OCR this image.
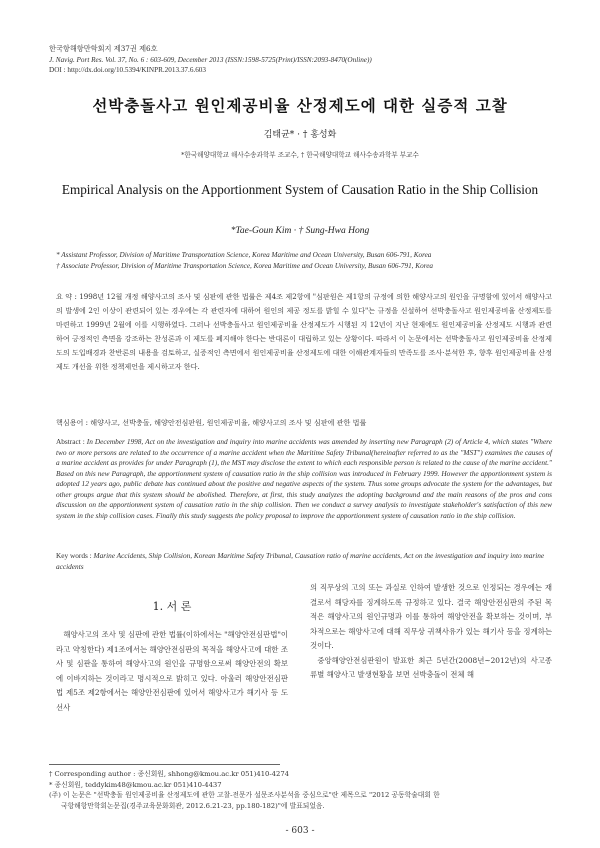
한국항해항만학회지 제37권 제6호
J. Navig. Port Res. Vol. 37, No. 6 : 603-609, December 2013 (ISSN:1598-5725(Print)/ISSN:2093-8470(Online))
DOI : http://dx.doi.org/10.5394/KINPR.2013.37.6.603
선박충돌사고 원인제공비율 산정제도에 대한 실증적 고찰
김태균* · † 홍성화
*한국해양대학교 해사수송과학부 조교수, † 한국해양대학교 해사수송과학부 부교수
Empirical Analysis on the Apportionment System of Causation Ratio in the Ship Collision
*Tae-Goun Kim · † Sung-Hwa Hong
* Assistant Professor, Division of Maritime Transportation Science, Korea Maritime and Ocean University, Busan 606-791, Korea
† Associate Professor, Division of Maritime Transportation Science, Korea Maritime and Ocean University, Busan 606-791, Korea
요 약 : 1998년 12월 개정 해양사고의 조사 및 심판에 관한 법률은 제4조 제2항에 "심판원은 제1항의 규정에 의한 해양사고의 원인을 규명함에 있어서 해양사고의 발생에 2인 이상이 관련되어 있는 경우에는 각 관련자에 대하여 원인의 제공 정도를 밝힐 수 있다"는 규정을 신설하여 선박충돌사고 원인제공비율 산정제도를 마련하고 1999년 2월에 이를 시행하였다. 그러나 선박충돌사고 원인제공비율 산정제도가 시행된 지 12년이 지난 현재에도 원인제공비율 산정제도 시행과 관련하여 긍정적인 측면을 강조하는 찬성론과 이 제도를 폐지해야 한다는 반대론이 대립하고 있는 상황이다. 따라서 이 논문에서는 선박충돌사고 원인제공비율 산정제도의 도입배경과 찬반론의 내용을 검토하고, 실증적인 측면에서 원인제공비율 산정제도에 대한 이해관계자들의 만족도를 조사·분석한 후, 향후 원인제공비율 산정제도 개선을 위한 정책제언을 제시하고자 한다.
핵심용어 : 해양사고, 선박충돌, 해양안전심판원, 원인제공비율, 해양사고의 조사 및 심판에 관한 법률
Abstract : In December 1998, Act on the investigation and inquiry into marine accidents was amended by inserting new Paragraph (2) of Article 4, which states "Where two or more persons are related to the occurrence of a marine accident when the Maritime Safety Tribunal(hereinafter referred to as the "MST") examines the causes of a marine accident as provides for under Paragraph (1), the MST may disclose the extent to which each responsible person is related to the cause of the marine accident." Based on this new Paragraph, the apportionment system of causation ratio in the ship collision was introduced in February 1999. However the apportionment system is adopted 12 years ago, public debate has continued about the positive and negative aspects of the system. Thus some groups advocate the system for the advantages, but other groups argue that this system should be abolished. Therefore, at first, this study analyzes the adopting background and the main reasons of the pros and cons discussion on the apportionment system of causation ratio in the ship collision. Then we conduct a survey analysis to investigate stakeholder's satisfaction of this new system in the ship collision cases. Finally this study suggests the policy proposal to improve the apportionment system of causation ratio in the ship collision.
Key words : Marine Accidents, Ship Collision, Korean Maritime Safety Tribunal, Causation ratio of marine accidents, Act on the investigation and inquiry into marine accidents
1. 서 론

해양사고의 조사 및 심판에 관한 법률(이하에서는 "해양안전심판법"이라고 약칭한다) 제1조에서는 해양안전심판의 목적을 해양사고에 대한 조사 및 심판을 통하여 해양사고의 원인을 규명함으로써 해양안전의 확보에 이바지하는 것이라고 명시적으로 밝히고 있다. 아울러 해양안전심판법 제5조 제2항에서는 해양안전심판에 있어서 해양사고가 해기사 등 도선사

의 직무상의 고의 또는 과실로 인하여 발생한 것으로 인정되는 경우에는 재결로서 해당자를 징계하도록 규정하고 있다. 결국 해양안전심판의 주된 목적은 해양사고의 원인규명과 이를 통하여 해양안전을 확보하는 것이며, 부차적으로는 해양사고에 대해 직무상 귀책사유가 있는 해기사 등을 징계하는 것이다.

중앙해양안전심판원이 발표한 최근 5년간(2008년~2012년)의 사고종류별 해양사고 발생현황을 보면 선박충돌이 전체 해

† Corresponding author : 종신회원, shhong@kmou.ac.kr 051)410-4274
* 종신회원, teddykim48@kmou.ac.kr 051)410-4437
(주) 이 논문은 "선박충돌 원인제공비율 산정제도에 관한 고찰-전문가 설문조사분석을 중심으로"란 제목으로 "2012 공동학술대회 한
국항해항만학회논문집(경주교육문화회관, 2012.6.21-23, pp.180-182)"에 발표되었음.
- 603 -
